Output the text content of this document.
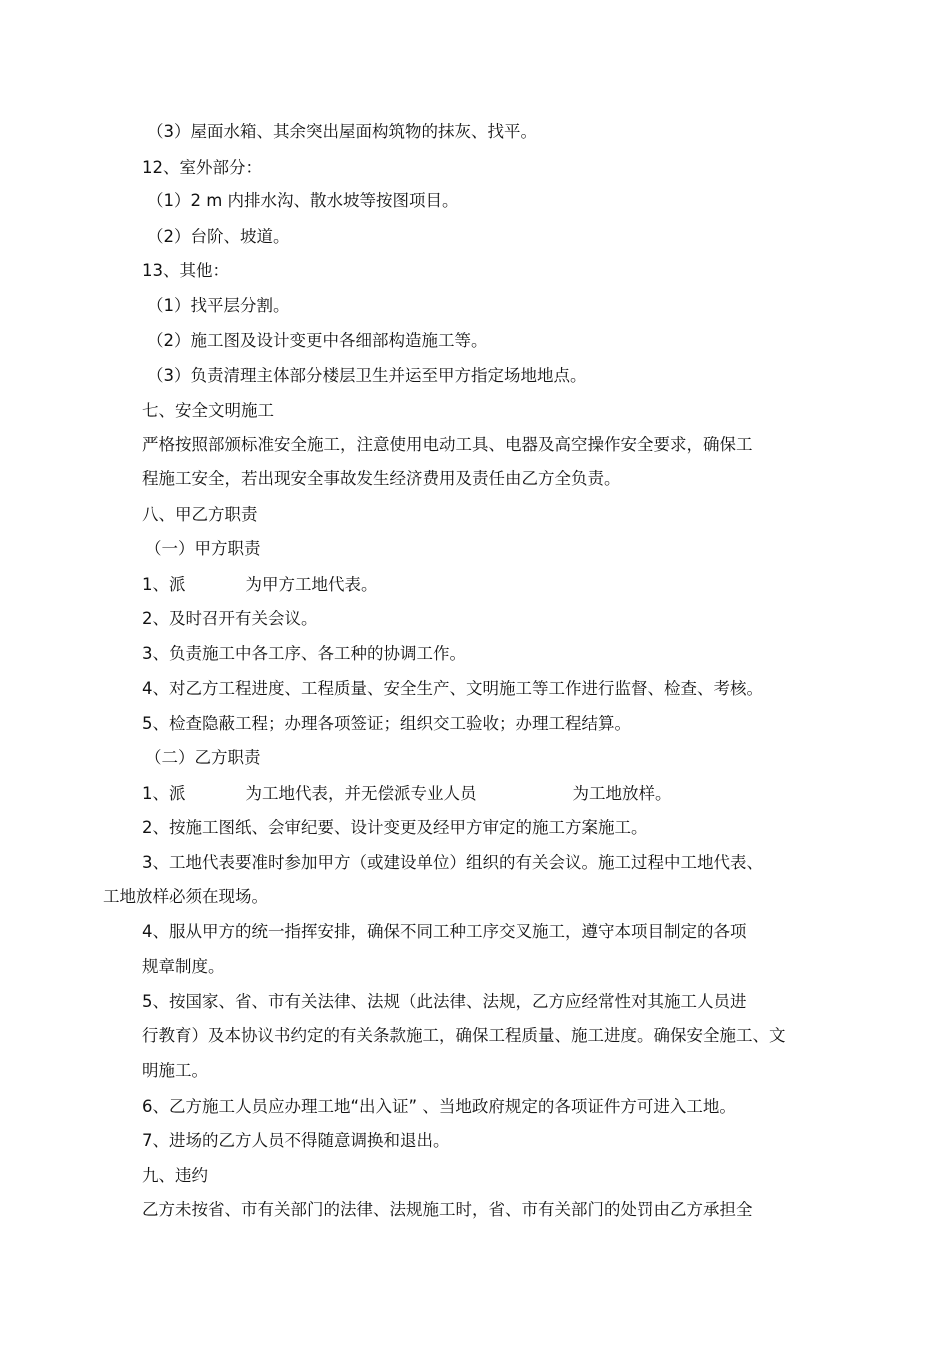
（3）屋面水箱、其余突出屋面构筑物的抹灰、找平。
12、室外部分：
（1）2 m 内排水沟、散水坡等按图项目。
（2）台阶、坡道。
13、其他：
（1）找平层分割。
（2）施工图及设计变更中各细部构造施工等。
（3）负责清理主体部分楼层卫生并运至甲方指定场地地点。
七、安全文明施工
严格按照部颁标准安全施工，注意使用电动工具、电器及高空操作安全要求，确保工
程施工安全，若出现安全事故发生经济费用及责任由乙方全负责。
八、甲乙方职责
（一）甲方职责
1、派	为甲方工地代表。
2、及时召开有关会议。
3、负责施工中各工序、各工种的协调工作。
4、对乙方工程进度、工程质量、安全生产、文明施工等工作进行监督、检查、考核。
5、检查隐蔽工程；办理各项签证；组织交工验收；办理工程结算。
（二）乙方职责
1、派	为工地代表，并无偿派专业人员	为工地放样。
2、按施工图纸、会审纪要、设计变更及经甲方审定的施工方案施工。
3、工地代表要准时参加甲方（或建设单位）组织的有关会议。施工过程中工地代表、
工地放样必须在现场。
4、服从甲方的统一指挥安排，确保不同工种工序交叉施工，遵守本项目制定的各项
规章制度。
5、按国家、省、市有关法律、法规（此法律、法规，乙方应经常性对其施工人员进
行教育）及本协议书约定的有关条款施工，确保工程质量、施工进度。确保安全施工、文
明施工。
6、乙方施工人员应办理工地“出入证” 、当地政府规定的各项证件方可进入工地。
7、进场的乙方人员不得随意调换和退出。
九、违约
乙方未按省、市有关部门的法律、法规施工时，省、市有关部门的处罚由乙方承担全
